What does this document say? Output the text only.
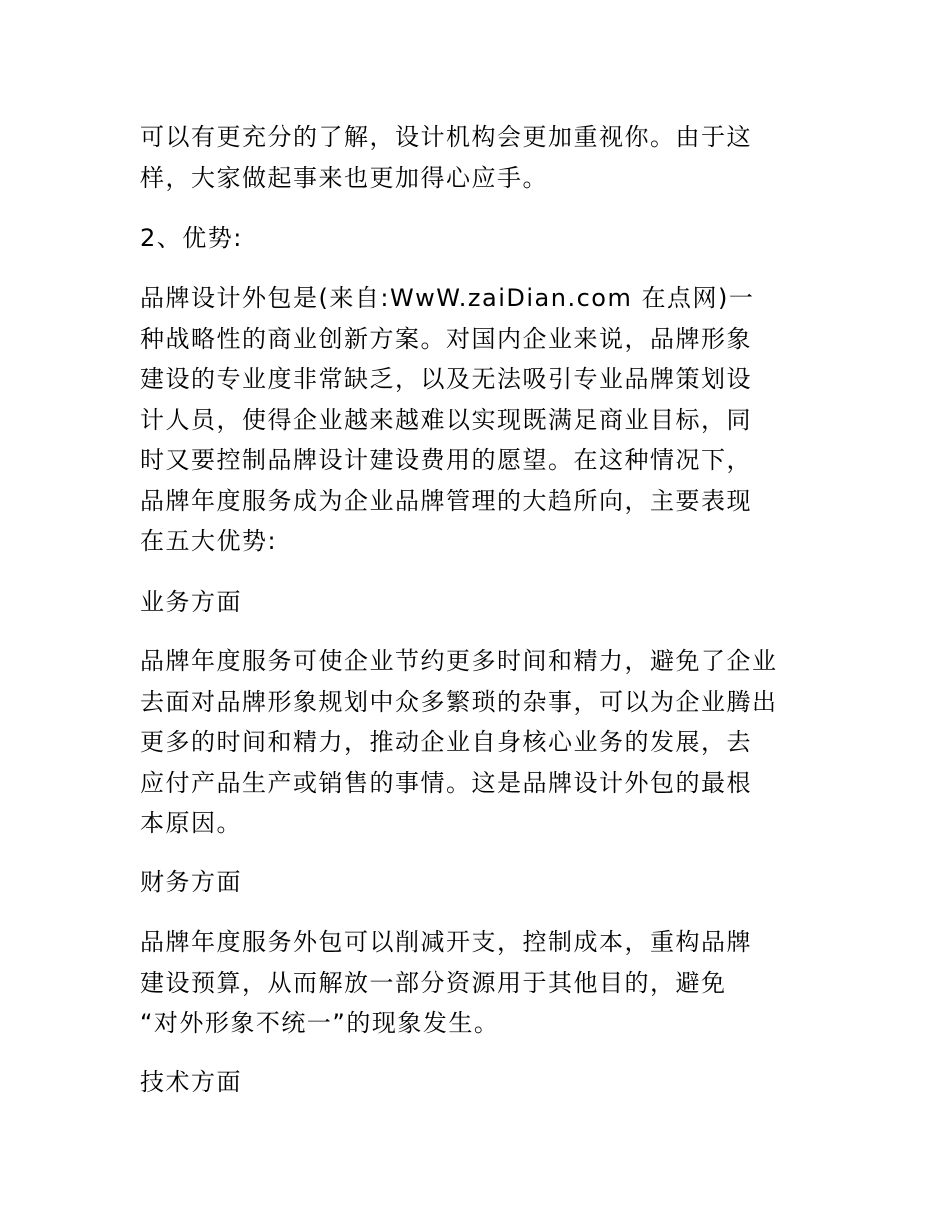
可以有更充分的了解，设计机构会更加重视你。由于这
样，大家做起事来也更加得心应手。

2、优势:

品牌设计外包是(来自:WwW.zaiDian.com 在点网)一
种战略性的商业创新方案。对国内企业来说，品牌形象
建设的专业度非常缺乏，以及无法吸引专业品牌策划设
计人员，使得企业越来越难以实现既满足商业目标，同
时又要控制品牌设计建设费用的愿望。在这种情况下，
品牌年度服务成为企业品牌管理的大趋所向，主要表现
在五大优势:

业务方面

品牌年度服务可使企业节约更多时间和精力，避免了企业
去面对品牌形象规划中众多繁琐的杂事，可以为企业腾出
更多的时间和精力，推动企业自身核心业务的发展，去
应付产品生产或销售的事情。这是品牌设计外包的最根
本原因。

财务方面

品牌年度服务外包可以削减开支，控制成本，重构品牌
建设预算，从而解放一部分资源用于其他目的，避免
“对外形象不统一”的现象发生。

技术方面
